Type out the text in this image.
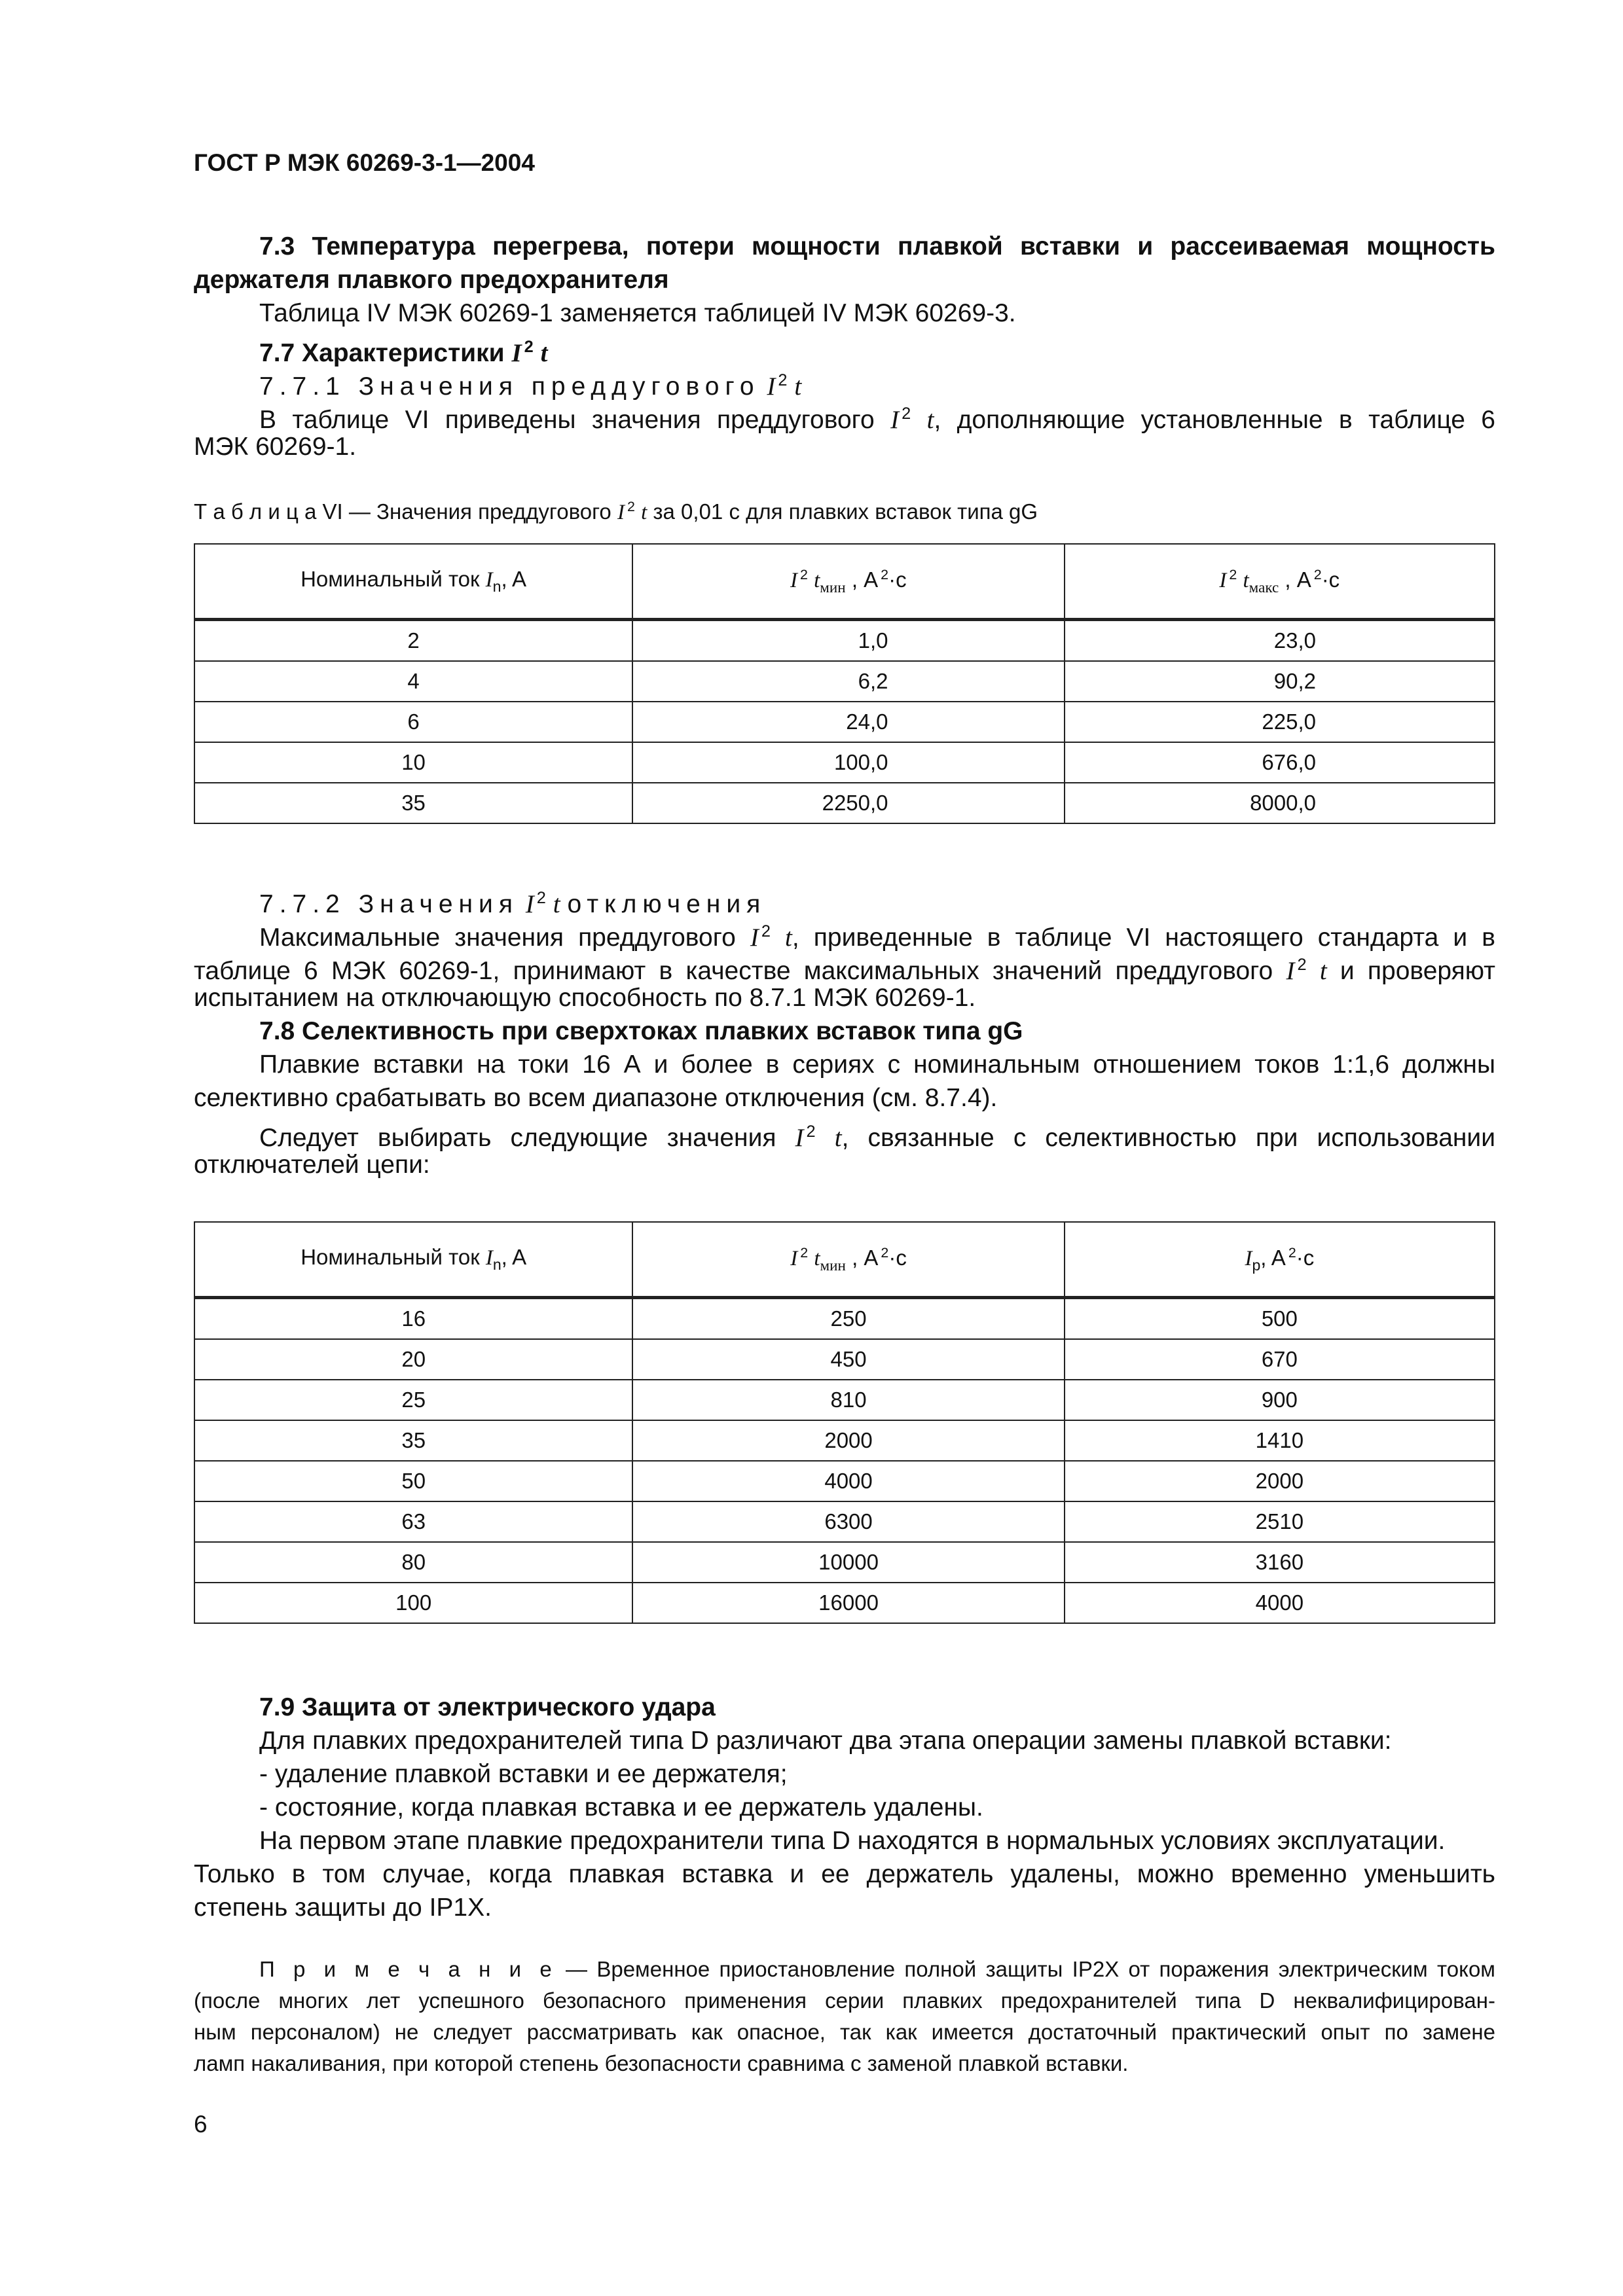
ГОСТ Р МЭК 60269-3-1—2004
7.3 Температура перегрева, потери мощности плавкой вставки и рассеиваемая мощность
держателя плавкого предохранителя
Таблица IV МЭК 60269-1 заменяется таблицей IV МЭК 60269-3.
7.7 Характеристики I $^2$ t
7.7.1 Значения преддугового I $^2$ t
В таблице VI приведены значения преддугового I $^2$ t, дополняющие установленные в таблице 6
МЭК 60269-1.
Т а б л и ц а VI — Значения преддугового I $^2$ t за 0,01 с для плавких вставок типа gG
Номинальный ток $I_n$, A	I $^2$ $t_{мин}$ , A $^2$·c	I $^2$ $t_{макс}$ , A $^2$·c
2	1,0	23,0
4	6,2	90,2
6	24,0	225,0
10	100,0	676,0
35	2250,0	8000,0
7.7.2 Значения I $^2$ t отключения
Максимальные значения преддугового I $^2$ t, приведенные в таблице VI настоящего стандарта и в
таблице 6 МЭК 60269-1, принимают в качестве максимальных значений преддугового I $^2$ t и проверяют
испытанием на отключающую способность по 8.7.1 МЭК 60269-1.
7.8 Селективность при сверхтоках плавких вставок типа gG
Плавкие вставки на токи 16 А и более в сериях с номинальным отношением токов 1:1,6 должны
селективно срабатывать во всем диапазоне отключения (см. 8.7.4).
Следует выбирать следующие значения I $^2$ t, связанные с селективностью при использовании
отключателей цепи:
Номинальный ток $I_n$, A	I $^2$ $t_{мин}$ , A $^2$·c	$I_p$, A $^2$·c
16	250	500
20	450	670
25	810	900
35	2000	1410
50	4000	2000
63	6300	2510
80	10000	3160
100	16000	4000
7.9 Защита от электрического удара
Для плавких предохранителей типа D различают два этапа операции замены плавкой вставки:
- удаление плавкой вставки и ее держателя;
- состояние, когда плавкая вставка и ее держатель удалены.
На первом этапе плавкие предохранители типа D находятся в нормальных условиях эксплуатации.
Только в том случае, когда плавкая вставка и ее держатель удалены, можно временно уменьшить
степень защиты до IP1X.
П р и м е ч а н и е — Временное приостановление полной защиты IP2X от поражения электрическим током
(после многих лет успешного безопасного применения серии плавких предохранителей типа D неквалифицирован-
ным персоналом) не следует рассматривать как опасное, так как имеется достаточный практический опыт по замене
ламп накаливания, при которой степень безопасности сравнима с заменой плавкой вставки.
6
